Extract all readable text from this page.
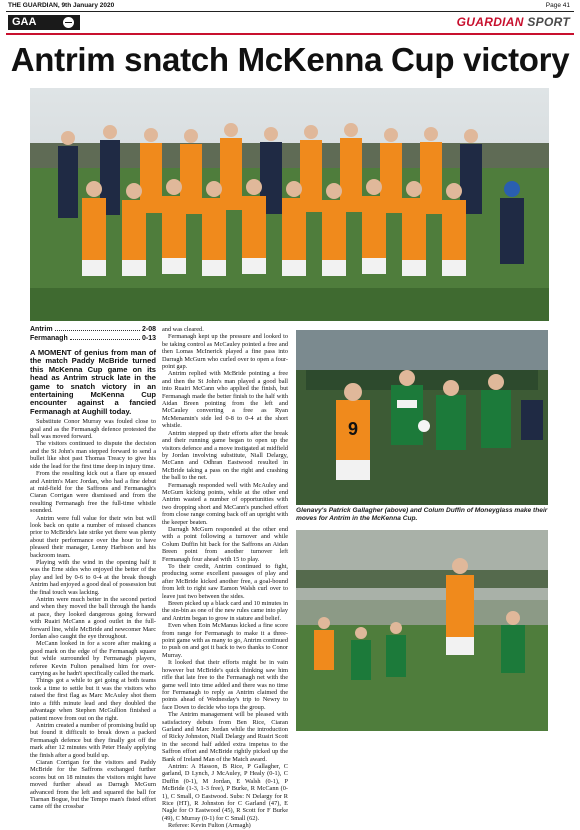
THE GUARDIAN, 9th January 2020	Page 41
GAA	GUARDIAN SPORT
Antrim snatch McKenna Cup victory
Antrim	2-08
Fermanagh	0-13

A MOMENT of genius from man of the match Paddy McBride turned this McKenna Cup game on its head as Antrim struck late in the game to snatch victory in an entertaining McKenna Cup encounter against a fancied Fermanagh at Aughill today.

Substitute Conor Murray was fouled close to goal and as the Fermanagh defence protested the ball was moved forward.

The visitors continued to dispute the decision and the St John's man stepped forward to send a bullet like shot past Thomas Treacy to give his side the lead for the first time deep in injury time.

From the resulting kick out a flare up ensued and Antrim's Marc Jordan, who had a fine debut at mid-field for the Saffrons and Fermanagh's Ciaran Corrigan were dismissed and from the resulting Fermanagh free the full-time whistle sounded.

Antrim were full value for their win but will look back on quite a number of missed chances prior to McBride's late strike yet there was plenty about their performance over the hour to have pleased their manager, Lenny Harbison and his backroom team.

Playing with the wind in the opening half it was the Erne sides who enjoyed the better of the play and led by 0-6 to 0-4 at the break though Antrim had enjoyed a good deal of possession but the final touch was lacking.

Antrim were much better in the second period and when they moved the ball through the hands at pace, they looked dangerous going forward with Ruairi McCann a good outlet in the full-forward line, while McBride and newcomer Marc Jordan also caught the eye throughout.

McCann looked in for a score after making a good mark on the edge of the Fermanagh square but while surrounded by Fermanagh players, referee Kevin Fulton penalised him for over-carrying as he hadn't specifically called the mark.

Things got a while to get going at both teams took a time to settle but it was the visitors who raised the first flag as Marc McAuley shot them into a fifth minute lead and they doubled the advantage when Stephen McGullion finished a patient move from out on the right.

Antrim created a number of promising build up but found it difficult to break down a packed Fermanagh defence but they finally got off the mark after 12 minutes with Peter Healy applying the finish after a good build up.

Ciaran Corrigan for the visitors and Paddy McBride for the Saffrons exchanged further scores but on 18 minutes the visitors might have moved further ahead as Darragh McGurn advanced from the left and squared the ball for Tiarnan Bogue, but the Tempo man's fisted effort came off the crossbar

and was cleared.

Fermanagh kept up the pressure and looked to be taking control as McCauley pointed a free and then Lomas McInerick played a fine pass into Darragh McGurn who curled over to open a four-point gap.

Antrim replied with McBride pointing a free and then the St John's man played a good ball into Ruairi McCann who applied the finish, but Fermanagh made the better finish to the half with Aidan Breen pointing from the left and McCauley converting a free as Ryan McMenamin's side led 0-8 to 0-4 at the short whistle.

Antrim stepped up their efforts after the break and their running game began to open up the visitors defence and a move instigated at midfield by Jordan involving substitute, Niall Delargy, McCann and Odhran Eastwood resulted in McBride taking a pass on the right and crashing the ball to the net.

Fermanagh responded well with McAuley and McGurn kicking points, while at the other end Antrim wasted a number of opportunities with two dropping short and McCann's punched effort from close range coming back off an upright with the keeper beaten.

Darragh McGurn responded at the other end with a point following a turnover and while Colum Duffin hit back for the Saffrons an Aidan Breen point from another turnover left Fermanagh four ahead with 15 to play.

To their credit, Antrim continued to fight, producing some excellent passages of play and after McBride kicked another free, a goal-bound from left to right saw Eamon Walsh curl over to leave just two between the sides.

Breen picked up a black card and 10 minutes in the sin-bin as one of the new rules came into play and Antrim began to grow in stature and belief.

Even when Eoin McManus kicked a fine score from range for Fermanagh to make it a three-point game with as many to go, Antrim continued to push on and got it back to two thanks to Conor Murray.

It looked that their efforts might be in vain however but McBride's quick thinking saw him rifle that late free to the Fermanagh net with the game well into time added and there was no time for Fermanagh to reply as Antrim claimed the points ahead of Wednesday's trip to Newry to face Down to decide who tops the group.

The Antrim management will be pleased with satisfactory debuts from Ben Rice, Ciaran Garland and Marc Jordan while the introduction of Ricky Johnston, Niall Delargy and Ruairi Scott in the second half added extra impetus to the Saffron effort and McBride rightly picked up the Bank of Ireland Man of the Match award.

Antrim: A Hasson, B Rice, P Gallagher, C garland, D Lynch, J McAuley, P Healy (0-1), C Duffin (0-1), M Jordan, E Walsh (0-1), P McBride (1-3, 1-3 free), P Burke, R McCann (0-1), C Small, O Eastwood. Subs: N Delargy for R Rice (HT), R Johnston for C Garland (47), E Nagle for O Eastwood (45), R Scott for F Burke (49), C Murray (0-1) for C Small (62).

Referee: Kevin Fulton (Armagh)

9
Glenavy's Patrick Gallagher (above) and Colum Duffin of Moneyglass make their moves for Antrim in the McKenna Cup.
